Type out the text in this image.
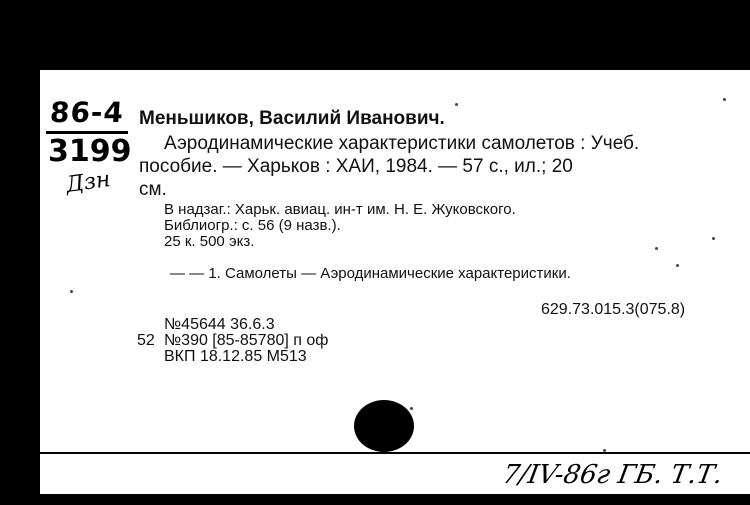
86-4
3199
Дзн
Меньшиков, Василий Иванович.
Аэродинамические характеристики самолетов : Учеб.
пособие. — Харьков : ХАИ, 1984. — 57 с., ил.; 20
см.
В надзаг.: Харьк. авиац. ин-т им. Н. Е. Жуковского.
Библиогр.: с. 56 (9 назв.).
25 к. 500 экз.
— — 1. Самолеты — Аэродинамические характеристики.
629.73.015.3(075.8)
№45644 36.6.3
52 №390 [85-85780] п оф
ВКП 18.12.85 М513
7/IV-86г ГБ. Т.Т.
